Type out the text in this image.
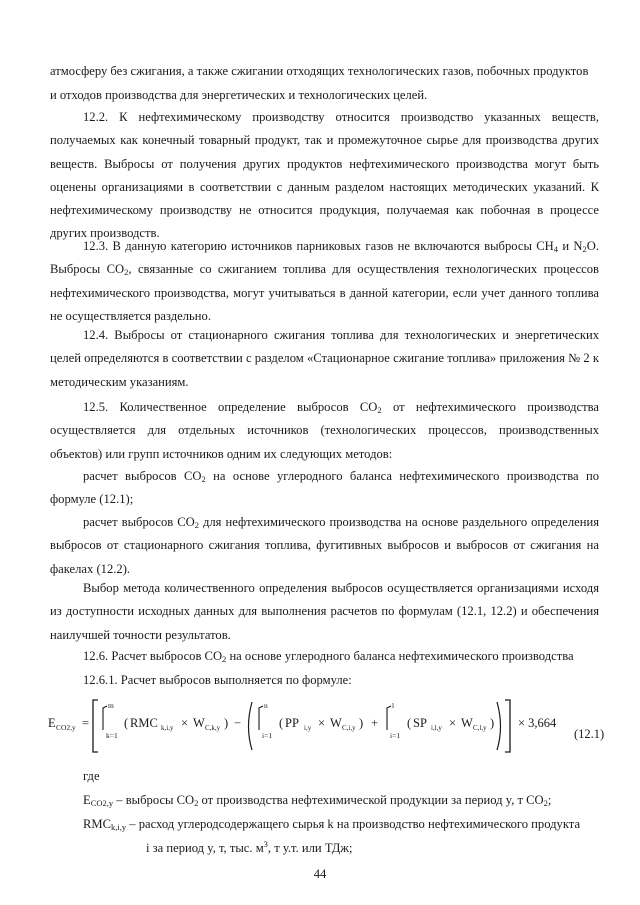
атмосферу без сжигания, а также сжигании отходящих технологических газов, побочных продуктов

и отходов производства для энергетических и технологических целей.

12.2. К нефтехимическому производству относится производство указанных веществ, получаемых как конечный товарный продукт, так и промежуточное сырье для производства других веществ. Выбросы от получения других продуктов нефтехимического производства могут быть оценены организациями в соответствии с данным разделом настоящих методических указаний. К нефтехимическому производству не относится продукция, получаемая как побочная в процессе других производств.

12.3. В данную категорию источников парниковых газов не включаются выбросы $CH_4$ и $N_2O$. Выбросы $CO_2$, связанные со сжиганием топлива для осуществления технологических процессов нефтехимического производства, могут учитываться в данной категории, если учет данного топлива не осуществляется раздельно.

12.4. Выбросы от стационарного сжигания топлива для технологических и энергетических целей определяются в соответствии с разделом «Стационарное сжигание топлива» приложения № 2 к методическим указаниям.

12.5. Количественное определение выбросов $CO_2$ от нефтехимического производства осуществляется для отдельных источников (технологических процессов, производственных объектов) или групп источников одним их следующих методов:

расчет выбросов $CO_2$ на основе углеродного баланса нефтехимического производства по формуле (12.1);

расчет выбросов $CO_2$ для нефтехимического производства на основе раздельного определения выбросов от стационарного сжигания топлива, фугитивных выбросов и выбросов от сжигания на факелах (12.2).

Выбор метода количественного определения выбросов осуществляется организациями исходя из доступности исходных данных для выполнения расчетов по формулам (12.1, 12.2) и обеспечения наилучшей точности результатов.

12.6. Расчет выбросов $CO_2$ на основе углеродного баланса нефтехимического производства

12.6.1. Расчет выбросов выполняется по формуле:

E CO2,y =
m
k=1
( RMC k,i,y × W C,k,y ) −
n
i=1
( PP i,y × W C,i,y ) +
l
i=1
( SP i,l,y × W C,l,y ) × 3,664
(12.1)

где

$E_{CO2,y}$ – выбросы $CO_2$ от производства нефтехимической продукции за период y, т $CO_2$;

$RMC_{k,i,y}$ – расход углеродсодержащего сырья k на производство нефтехимического продукта

i за период y, т, тыс. $м^3$, т у.т. или ТДж;

44
